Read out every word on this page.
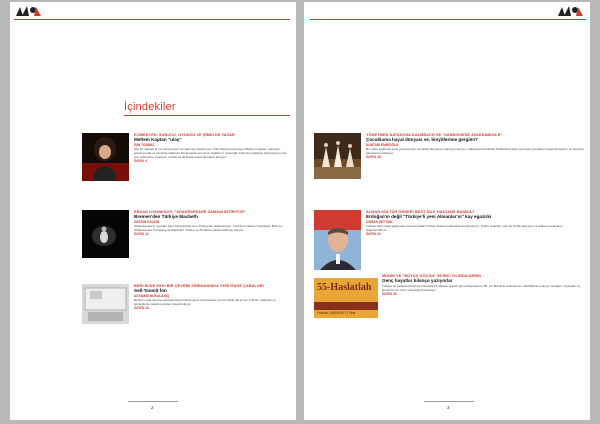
İçindekiler
KOMEDYEN, SUNUCU, OYUNCU VE ŞİMDİ DE YAZAR
Meltem Kaptan "ulaş"
İŞIN TOSMAZ
İşte bir sanatçı ki ne olursa olsun rol yapmayı bırakmıyor. Türk kökenli komedyen Meltem Kaptan, sahnede, televizyonda ve şimdi de kitabıyla Almanya'da tanınıyor. Kaptan'ın yolculuğu Köln'den başlayıp Almanya'nın pek çok sahnesine uzanıyor; mizahı ile iki kültür arasında köprü kuruyor.
SAYFA 4
ERKAN UYANIKSOY: "SHAKESPEARE ZAMANI BİTİRİYOR"
Bremen'den Türkiye Macbeth
GEZGİN KALKIN
Shakespeare'in oyunları hem Almanya'da hem Türkiye'de sahneleniyor. Yönetmen Erkan Uyanıksoy Bremen Shakespeare Company ile Macbeth'i Türkçe ve Almanca olarak sahneye taşıyor.
SAYFA 12
BERLİN'DE ESKİ BİR ÇEVRİM SİNEMASINDA YENİ İFADE ÇABALARI
Sell-Tanmit fon
ASYAMIM MUKULANIQ
Berlin'in eski sinema salonlarından birinde genç sinemacılar yeni bir ifade dili arıyor. Filmler, atölyeler ve söyleşilerle mekân yeniden hayat buluyor.
SAYFA 16
2
YÖNETMEN NATASCHA KALMBACH VE "SANDIKNESE AVAKKABISA R"
Çocukluma hayal dünyası ve, binyitlerime gergimi?
KUNTARI EMİROĞLU
Bu yazla tiyatroda genç yönetmenler çocukluk dünyasını sahneye taşıyor. Natascha Kalmbach Heidelberg'deki oyunuyla çocukların hayal dünyasını ve büyüme sancılarını anlatıyor.
SAYFA 18
ALMAN KÜLTÜR ÖNDERİ BEST DİLE HASTANE BAŞIKA?
Erdoğan'ın değil "Türkiye'li yeni Almanlar'ın" kay egazirki
OSMAN ŞEYTANİ
Türkiye'deki siyasi gelişmeler Almanya'daki Türkiye kökenli toplulukta da tartışılıyor. Kültür insanları yeni bir kimlik arayışını ve aidiyet sorunlarını değerlendiriyor.
SAYFA 22
55-Haslatlah
Festival | MÜNİCHİT | Taler
MÜNİH VE "BÜYÜK GÖÇÜN" 55'İNCİ YILINDA DERİN
Genç hayatlar bilanço yazıyorlar
Türkiye ile Federal Almanya arasında imzalanan işgücü göç anlaşmasının 55. yılı Münih'te düzenlenen etkinliklerle anılıyor. Sergiler, söyleşiler ve konserler bu uzun yolculuğu hatırlatıyor.
SAYFA 26
3
